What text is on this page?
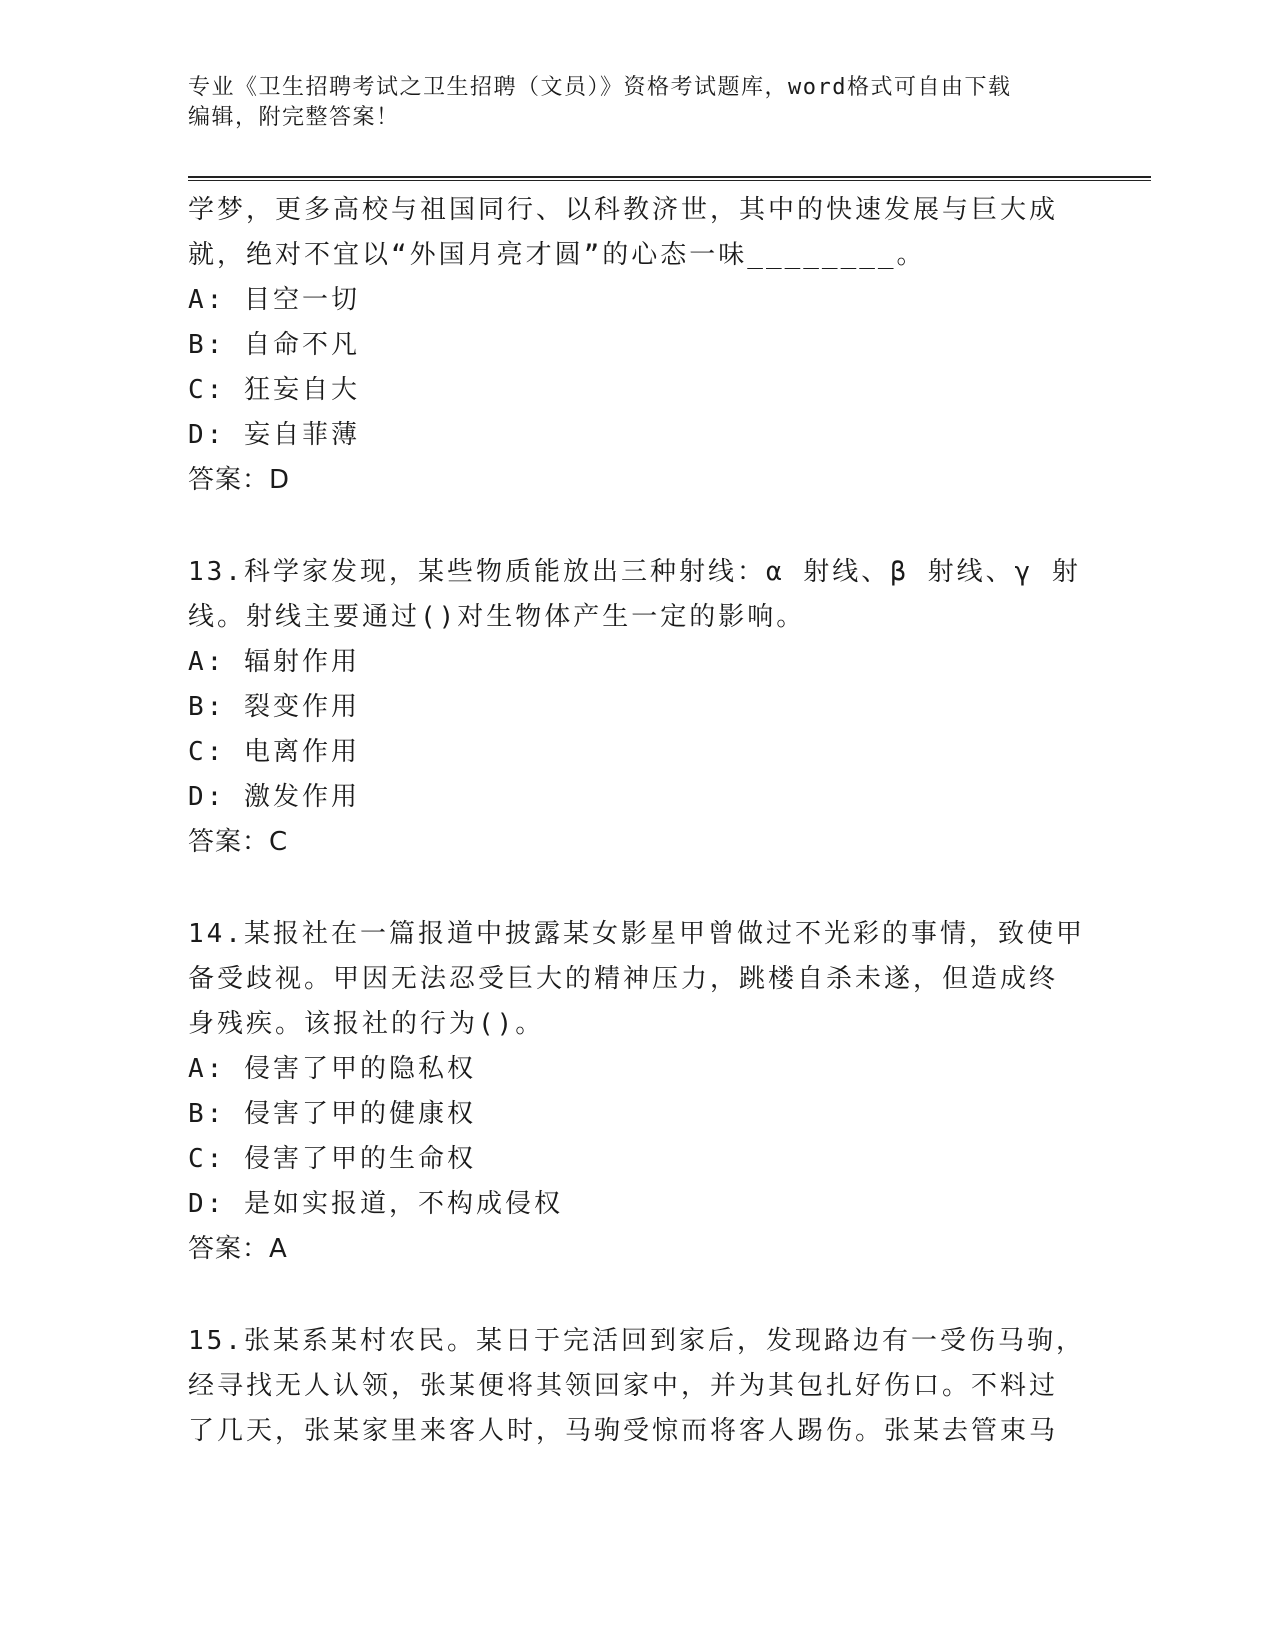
专业《卫生招聘考试之卫生招聘（文员）》资格考试题库，word格式可自由下载
编辑，附完整答案！
学梦，更多高校与祖国同行、以科教济世，其中的快速发展与巨大成
就，绝对不宜以“外国月亮才圆”的心态一味________。
A: 目空一切
B: 自命不凡
C: 狂妄自大
D: 妄自菲薄
答案：D
13.科学家发现，某些物质能放出三种射线：α 射线、β 射线、γ 射
线。射线主要通过()对生物体产生一定的影响。
A: 辐射作用
B: 裂变作用
C: 电离作用
D: 激发作用
答案：C
14.某报社在一篇报道中披露某女影星甲曾做过不光彩的事情，致使甲
备受歧视。甲因无法忍受巨大的精神压力，跳楼自杀未遂，但造成终
身残疾。该报社的行为()。
A: 侵害了甲的隐私权
B: 侵害了甲的健康权
C: 侵害了甲的生命权
D: 是如实报道，不构成侵权
答案：A
15.张某系某村农民。某日于完活回到家后，发现路边有一受伤马驹，
经寻找无人认领，张某便将其领回家中，并为其包扎好伤口。不料过
了几天，张某家里来客人时，马驹受惊而将客人踢伤。张某去管束马
